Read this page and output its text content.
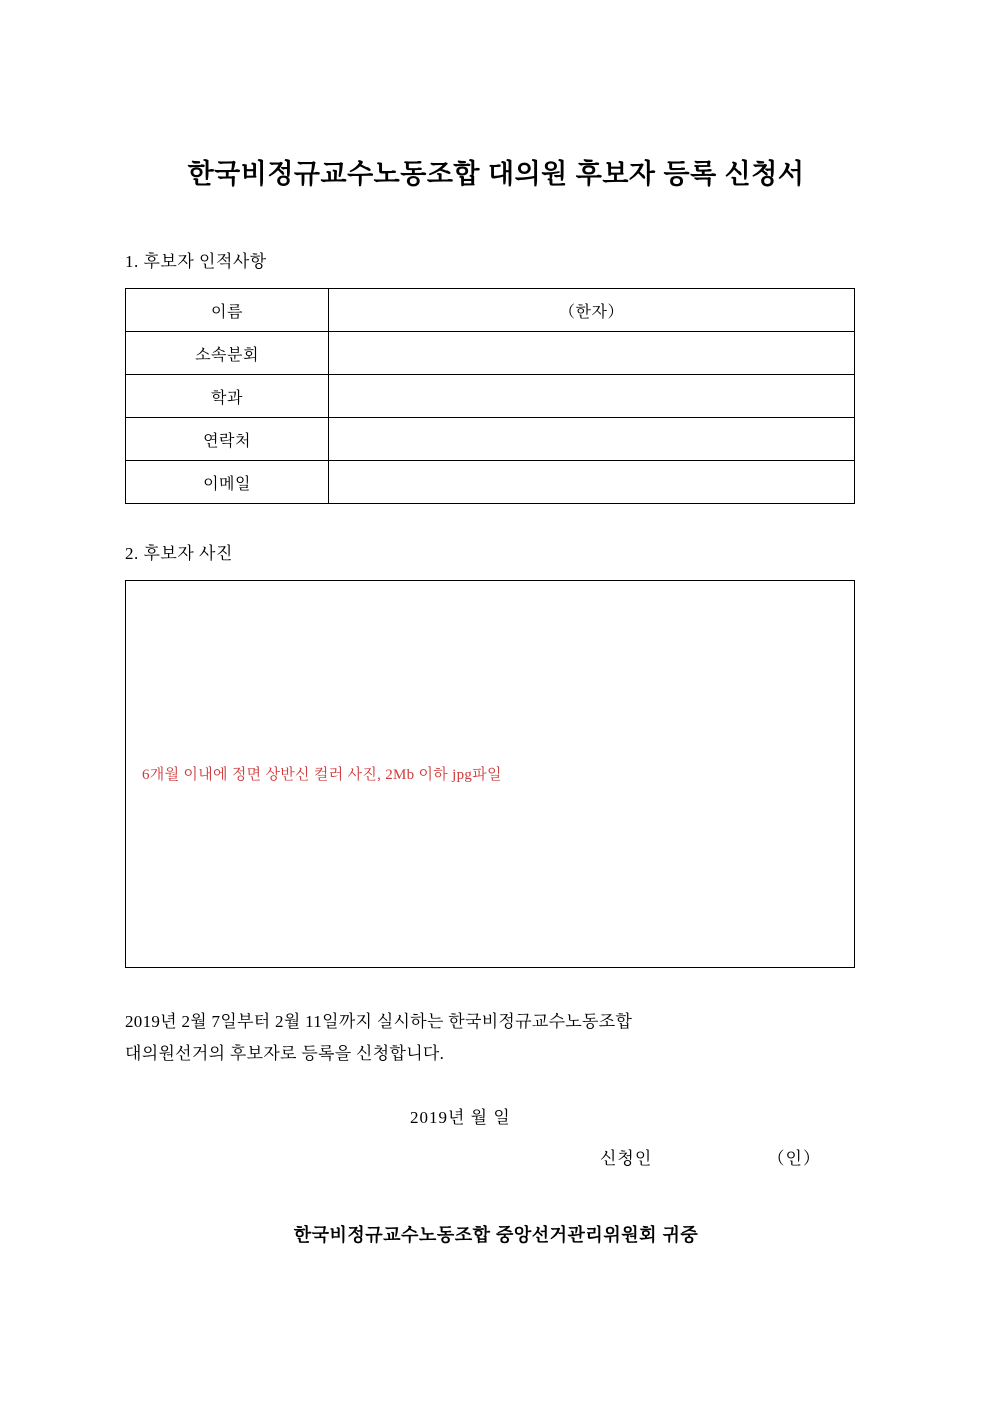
한국비정규교수노동조합 대의원 후보자 등록 신청서

1. 후보자 인적사항

이름	（한자）
소속분회	
학과	
연락처	
이메일	

2. 후보자 사진

6개월 이내에 정면 상반신 컬러 사진, 2Mb 이하 jpg파일

2019년 2월 7일부터 2월 11일까지 실시하는 한국비정규교수노동조합
대의원선거의 후보자로 등록을 신청합니다.

2019년 월 일

신청인	（인）

한국비정규교수노동조합 중앙선거관리위원회 귀중
